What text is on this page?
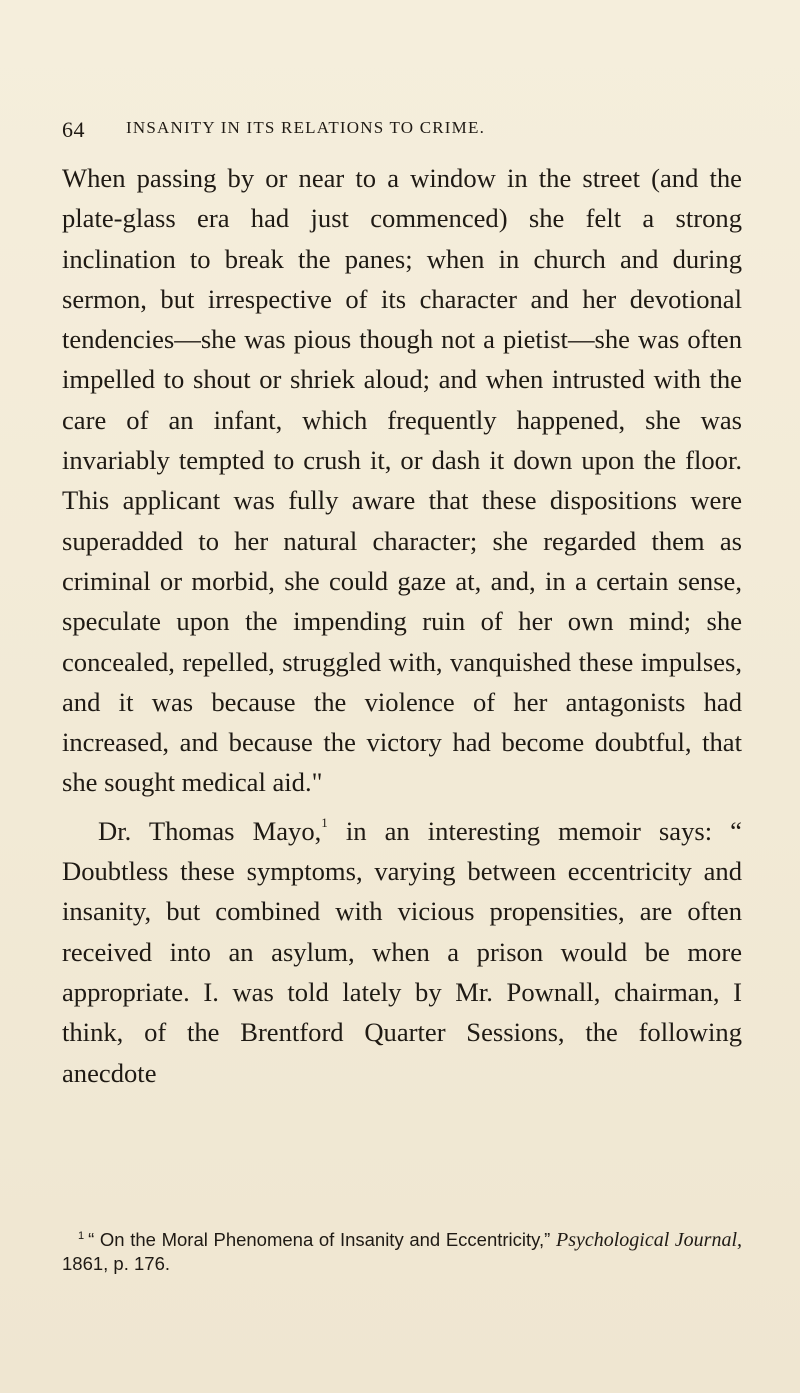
64 INSANITY IN ITS RELATIONS TO CRIME.

When passing by or near to a window in the street (and the plate-glass era had just commenced) she felt a strong inclination to break the panes; when in church and during sermon, but irrespective of its character and her devotional tendencies—she was pious though not a pietist—she was often impelled to shout or shriek aloud; and when intrusted with the care of an infant, which frequently happened, she was invariably tempted to crush it, or dash it down upon the floor. This applicant was fully aware that these dispositions were superadded to her natural character; she regarded them as criminal or morbid, she could gaze at, and, in a certain sense, speculate upon the impending ruin of her own mind; she concealed, repelled, struggled with, vanquished these impulses, and it was because the violence of her antagonists had increased, and because the victory had become doubtful, that she sought medical aid."

Dr. Thomas Mayo,$^1$ in an interesting memoir says: “ Doubtless these symptoms, varying between eccentricity and insanity, but combined with vicious propensities, are often received into an asylum, when a prison would be more appropriate. I. was told lately by Mr. Pownall, chairman, I think, of the Brentford Quarter Sessions, the following anecdote

$^1$ “ On the Moral Phenomena of Insanity and Eccentricity,” Psychological Journal, 1861, p. 176.
